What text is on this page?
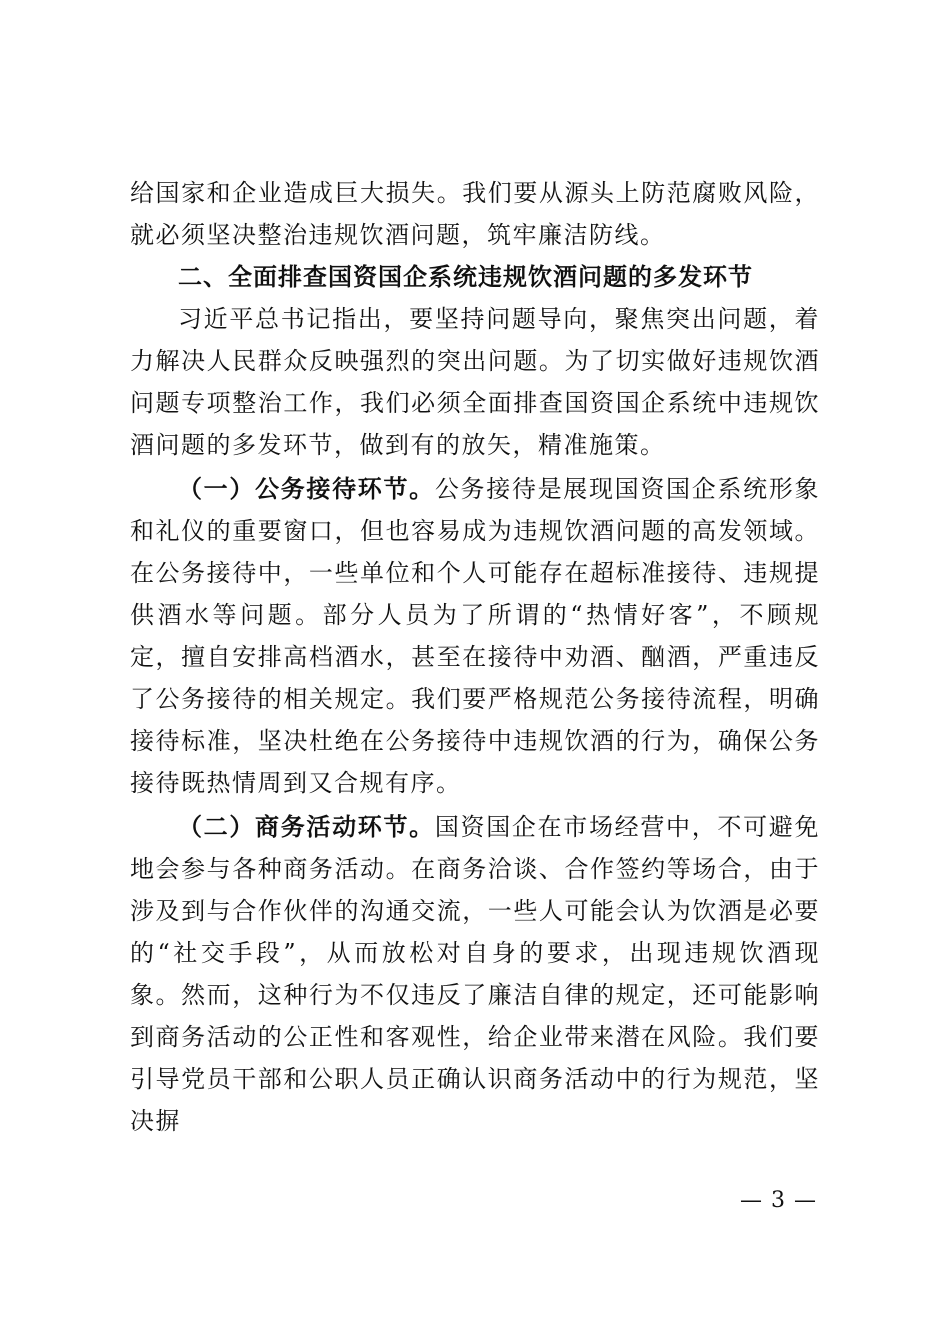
给国家和企业造成巨大损失。我们要从源头上防范腐败风险，就必须坚决整治违规饮酒问题，筑牢廉洁防线。

二、全面排查国资国企系统违规饮酒问题的多发环节

习近平总书记指出，要坚持问题导向，聚焦突出问题，着力解决人民群众反映强烈的突出问题。为了切实做好违规饮酒问题专项整治工作，我们必须全面排查国资国企系统中违规饮酒问题的多发环节，做到有的放矢，精准施策。

（一）公务接待环节。公务接待是展现国资国企系统形象和礼仪的重要窗口，但也容易成为违规饮酒问题的高发领域。在公务接待中，一些单位和个人可能存在超标准接待、违规提供酒水等问题。部分人员为了所谓的“热情好客”，不顾规定，擅自安排高档酒水，甚至在接待中劝酒、酗酒，严重违反了公务接待的相关规定。我们要严格规范公务接待流程，明确接待标准，坚决杜绝在公务接待中违规饮酒的行为，确保公务接待既热情周到又合规有序。

（二）商务活动环节。国资国企在市场经营中，不可避免地会参与各种商务活动。在商务洽谈、合作签约等场合，由于涉及到与合作伙伴的沟通交流，一些人可能会认为饮酒是必要的“社交手段”，从而放松对自身的要求，出现违规饮酒现象。然而，这种行为不仅违反了廉洁自律的规定，还可能影响到商务活动的公正性和客观性，给企业带来潜在风险。我们要引导党员干部和公职人员正确认识商务活动中的行为规范，坚决摒

— 3 —
